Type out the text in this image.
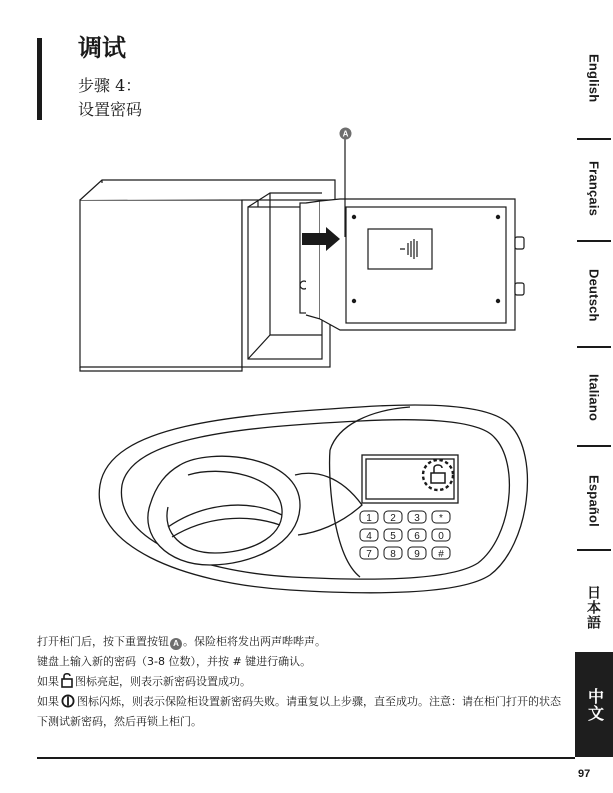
调试
步骤 4：
设置密码
English
Français
Deutsch
Italiano
Español
日本語
中文
1 2 3 *
4 5 6 0
7 8 9 #
A

打开柜门后，按下重置按钮 A 。保险柜将发出两声哔哔声。

键盘上输入新的密码（3-8 位数），并按 # 键进行确认。

如果 图标亮起，则表示新密码设置成功。

如果 图标闪烁，则表示保险柜设置新密码失败。请重复以上步骤，直至成功。注意：请在柜门打开的状态下测试新密码，然后再锁上柜门。

97
